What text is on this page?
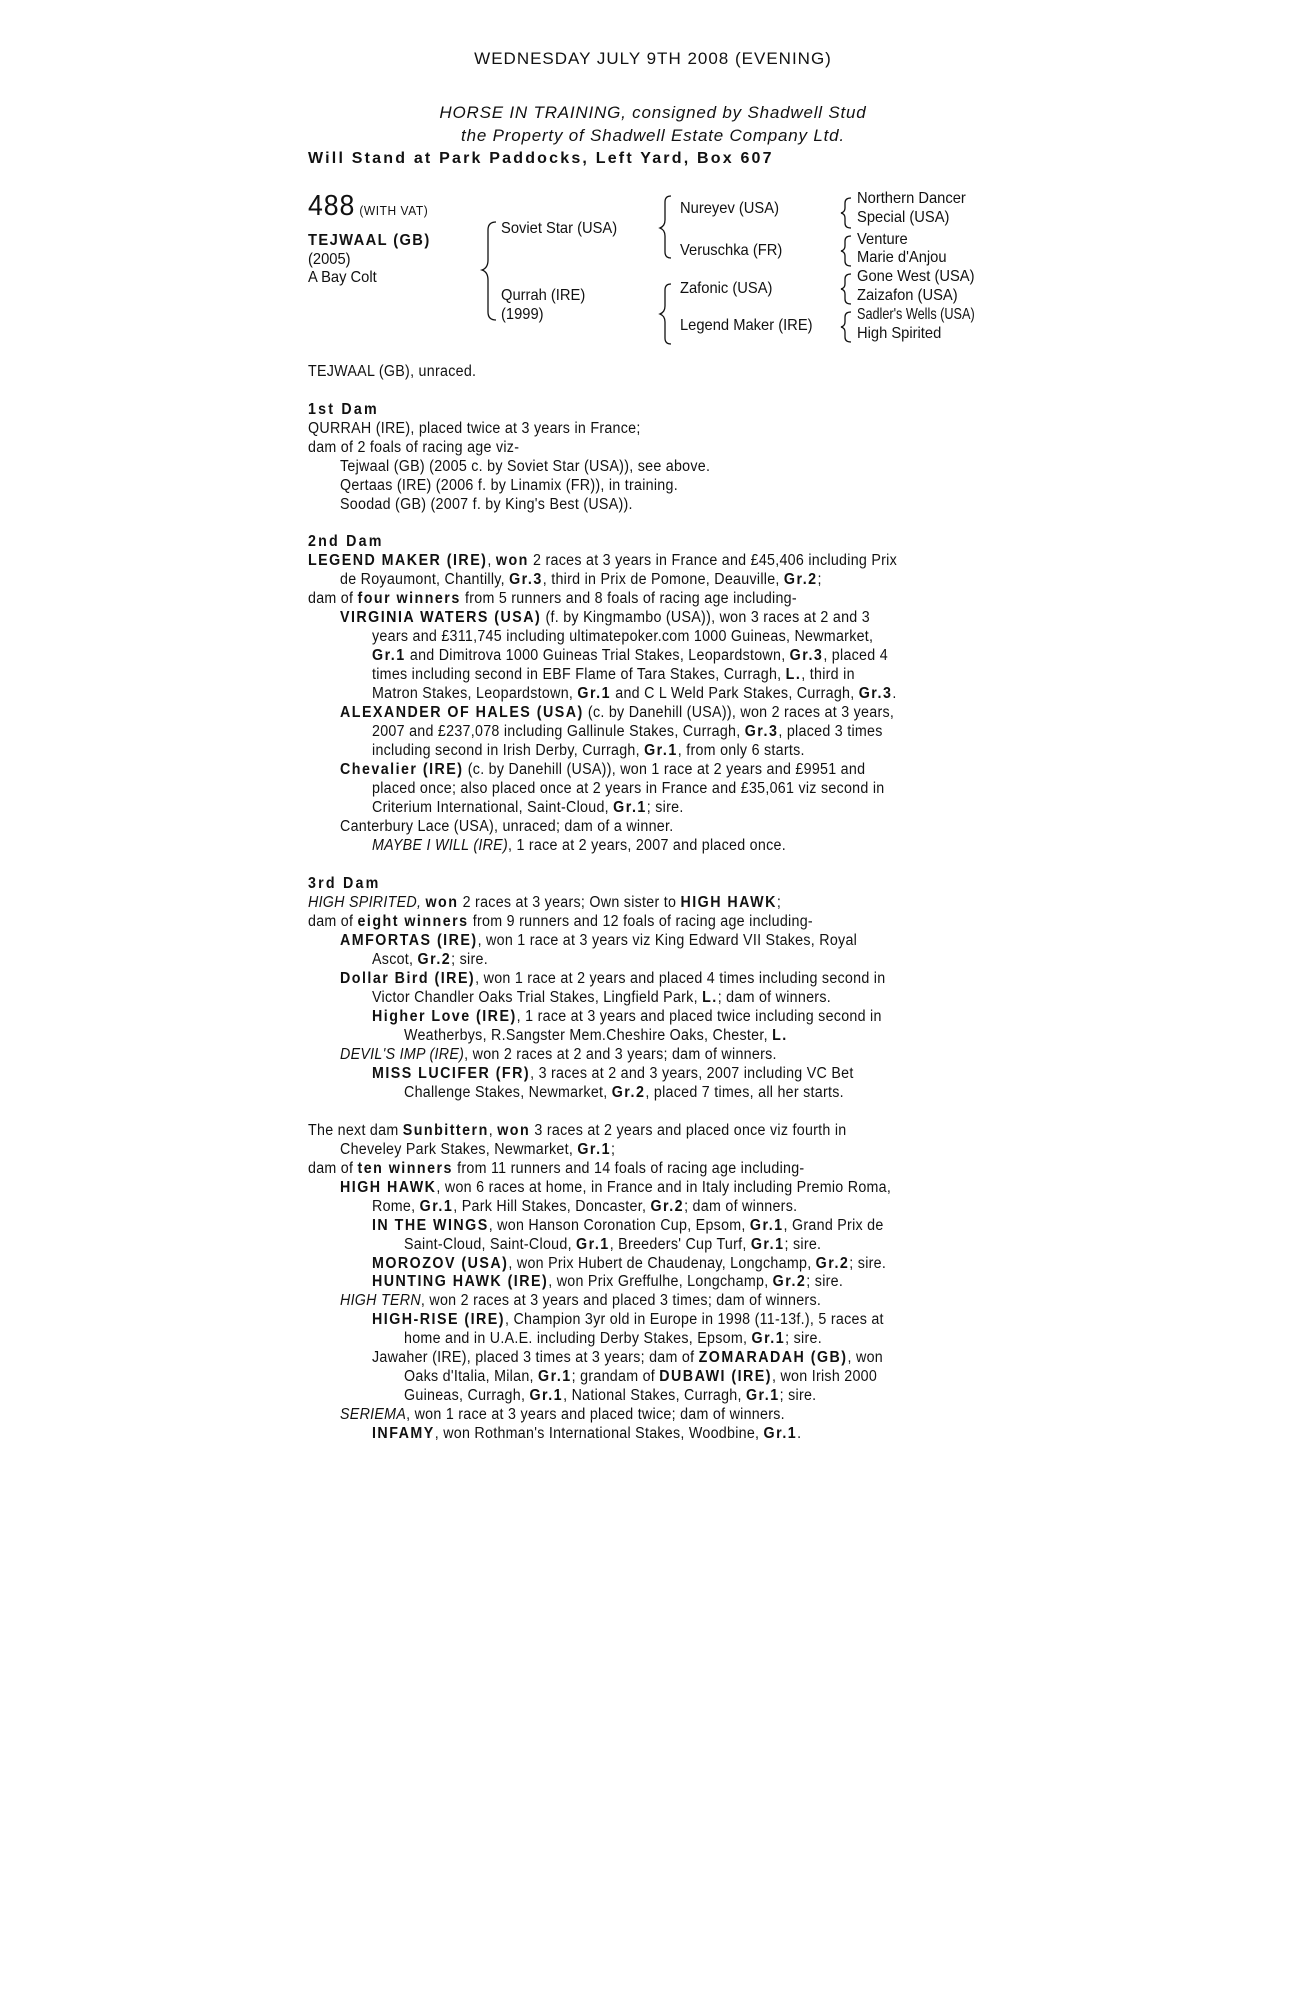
WEDNESDAY JULY 9TH 2008 (EVENING)
HORSE IN TRAINING, consigned by Shadwell Stud
the Property of Shadwell Estate Company Ltd.
Will Stand at Park Paddocks, Left Yard, Box 607
488 (WITH VAT)
TEJWAAL (GB)
(2005)
A Bay Colt
Soviet Star (USA)
Qurrah (IRE)
(1999)
Nureyev (USA)
Veruschka (FR)
Zafonic (USA)
Legend Maker (IRE)
Northern Dancer
Special (USA)
Venture
Marie d'Anjou
Gone West (USA)
Zaizafon (USA)
Sadler's Wells (USA)
High Spirited
TEJWAAL (GB), unraced.
1st Dam
QURRAH (IRE), placed twice at 3 years in France;
dam of 2 foals of racing age viz-
Tejwaal (GB) (2005 c. by Soviet Star (USA)), see above.
Qertaas (IRE) (2006 f. by Linamix (FR)), in training.
Soodad (GB) (2007 f. by King's Best (USA)).
2nd Dam
LEGEND MAKER (IRE), won 2 races at 3 years in France and £45,406 including Prix
de Royaumont, Chantilly, Gr.3, third in Prix de Pomone, Deauville, Gr.2;
dam of four winners from 5 runners and 8 foals of racing age including-
VIRGINIA WATERS (USA) (f. by Kingmambo (USA)), won 3 races at 2 and 3
years and £311,745 including ultimatepoker.com 1000 Guineas, Newmarket,
Gr.1 and Dimitrova 1000 Guineas Trial Stakes, Leopardstown, Gr.3, placed 4
times including second in EBF Flame of Tara Stakes, Curragh, L., third in
Matron Stakes, Leopardstown, Gr.1 and C L Weld Park Stakes, Curragh, Gr.3.
ALEXANDER OF HALES (USA) (c. by Danehill (USA)), won 2 races at 3 years,
2007 and £237,078 including Gallinule Stakes, Curragh, Gr.3, placed 3 times
including second in Irish Derby, Curragh, Gr.1, from only 6 starts.
Chevalier (IRE) (c. by Danehill (USA)), won 1 race at 2 years and £9951 and
placed once; also placed once at 2 years in France and £35,061 viz second in
Criterium International, Saint-Cloud, Gr.1; sire.
Canterbury Lace (USA), unraced; dam of a winner.
MAYBE I WILL (IRE), 1 race at 2 years, 2007 and placed once.
3rd Dam
HIGH SPIRITED, won 2 races at 3 years; Own sister to HIGH HAWK;
dam of eight winners from 9 runners and 12 foals of racing age including-
AMFORTAS (IRE), won 1 race at 3 years viz King Edward VII Stakes, Royal
Ascot, Gr.2; sire.
Dollar Bird (IRE), won 1 race at 2 years and placed 4 times including second in
Victor Chandler Oaks Trial Stakes, Lingfield Park, L.; dam of winners.
Higher Love (IRE), 1 race at 3 years and placed twice including second in
Weatherbys, R.Sangster Mem.Cheshire Oaks, Chester, L.
DEVIL'S IMP (IRE), won 2 races at 2 and 3 years; dam of winners.
MISS LUCIFER (FR), 3 races at 2 and 3 years, 2007 including VC Bet
Challenge Stakes, Newmarket, Gr.2, placed 7 times, all her starts.
The next dam Sunbittern, won 3 races at 2 years and placed once viz fourth in
Cheveley Park Stakes, Newmarket, Gr.1;
dam of ten winners from 11 runners and 14 foals of racing age including-
HIGH HAWK, won 6 races at home, in France and in Italy including Premio Roma,
Rome, Gr.1, Park Hill Stakes, Doncaster, Gr.2; dam of winners.
IN THE WINGS, won Hanson Coronation Cup, Epsom, Gr.1, Grand Prix de
Saint-Cloud, Saint-Cloud, Gr.1, Breeders' Cup Turf, Gr.1; sire.
MOROZOV (USA), won Prix Hubert de Chaudenay, Longchamp, Gr.2; sire.
HUNTING HAWK (IRE), won Prix Greffulhe, Longchamp, Gr.2; sire.
HIGH TERN, won 2 races at 3 years and placed 3 times; dam of winners.
HIGH-RISE (IRE), Champion 3yr old in Europe in 1998 (11-13f.), 5 races at
home and in U.A.E. including Derby Stakes, Epsom, Gr.1; sire.
Jawaher (IRE), placed 3 times at 3 years; dam of ZOMARADAH (GB), won
Oaks d'Italia, Milan, Gr.1; grandam of DUBAWI (IRE), won Irish 2000
Guineas, Curragh, Gr.1, National Stakes, Curragh, Gr.1; sire.
SERIEMA, won 1 race at 3 years and placed twice; dam of winners.
INFAMY, won Rothman's International Stakes, Woodbine, Gr.1.
